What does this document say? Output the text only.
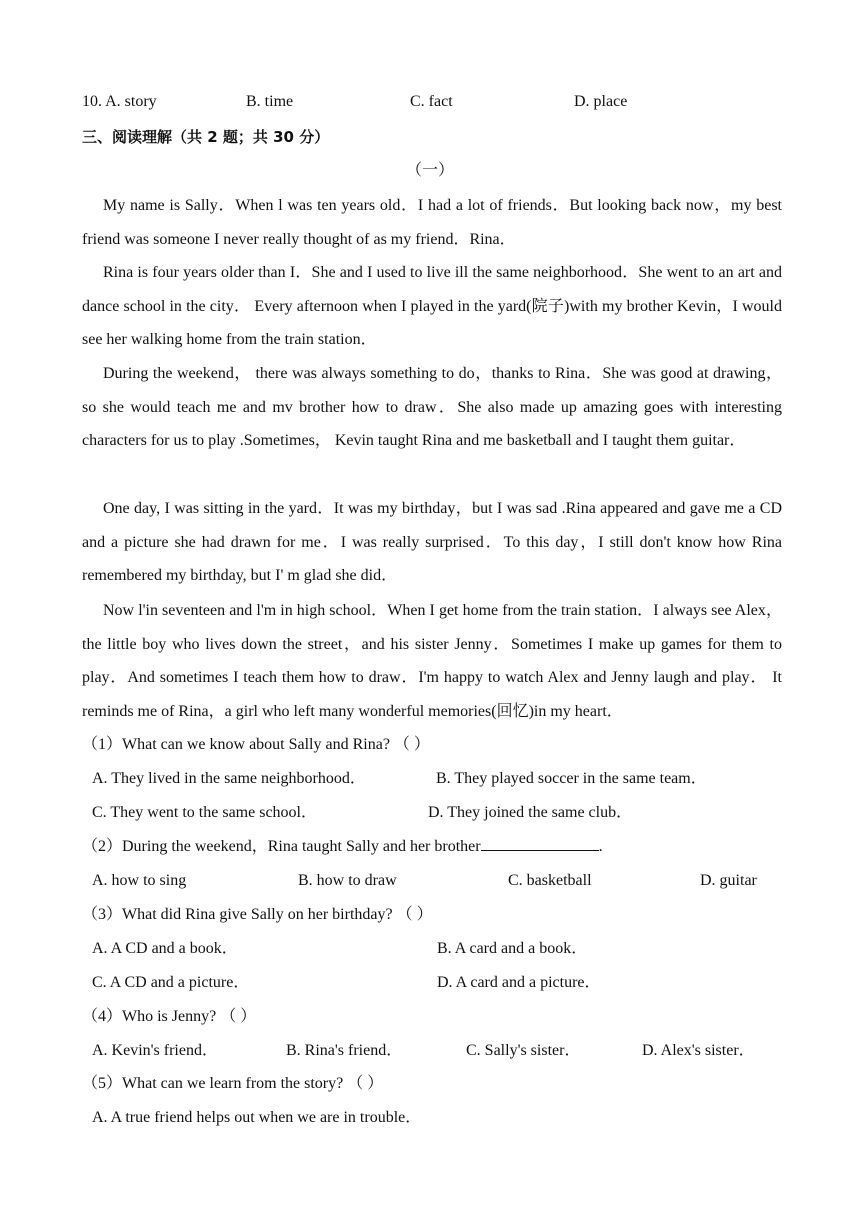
10. A. story	B. time	C. fact	D. place
三、阅读理解（共 2 题；共 30 分）
（一）
My name is Sally．When l was ten years old．I had a lot of friends．But looking back now，my best friend was someone I never really thought of as my friend．Rina．
Rina is four years older than I．She and I used to live ill the same neighborhood．She went to an art and dance school in the city． Every afternoon when I played in the yard(院子)with my brother Kevin，I would see her walking home from the train station．
During the weekend， there was always something to do，thanks to Rina．She was good at drawing，so she would teach me and mv brother how to draw．She also made up amazing goes with interesting characters for us to play .Sometimes， Kevin taught Rina and me basketball and I taught them guitar．
One day, I was sitting in the yard．It was my birthday，but I was sad .Rina appeared and gave me a CD and a picture she had drawn for me．I was really surprised．To this day，I still don't know how Rina remembered my birthday, but I' m glad she did．
Now l'in seventeen and l'm in high school．When I get home from the train station．I always see Alex，the little boy who lives down the street，and his sister Jenny．Sometimes I make up games for them to play．And sometimes I teach them how to draw．I'm happy to watch Alex and Jenny laugh and play． It reminds me of Rina，a girl who left many wonderful memories(回忆)in my heart．
（1）What can we know about Sally and Rina? （ ）
A. They lived in the same neighborhood．	B. They played soccer in the same team．
C. They went to the same school．	D. They joined the same club．
（2）During the weekend，Rina taught Sally and her brother	.
A. how to sing	B. how to draw	C. basketball	D. guitar
（3）What did Rina give Sally on her birthday? （ ）
A. A CD and a book．	B. A card and a book．
C. A CD and a picture．	D. A card and a picture．
（4）Who is Jenny? （ ）
A. Kevin's friend．	B. Rina's friend．	C. Sally's sister．	D. Alex's sister．
（5）What can we learn from the story? （ ）
A. A true friend helps out when we are in trouble．
